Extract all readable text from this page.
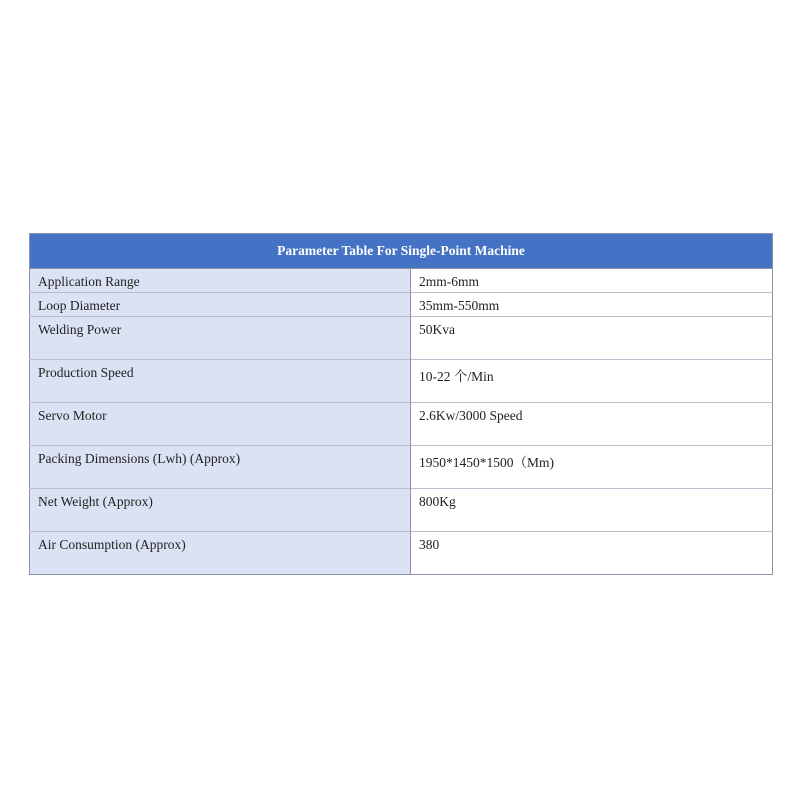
Parameter Table For Single-Point Machine	
Application Range	2mm-6mm
Loop Diameter	35mm-550mm
Welding Power	50Kva
Production Speed	10-22 个/Min
Servo Motor	2.6Kw/3000 Speed
Packing Dimensions (Lwh) (Approx)	1950*1450*1500（Mm)
Net Weight (Approx)	800Kg
Air Consumption (Approx)	380
